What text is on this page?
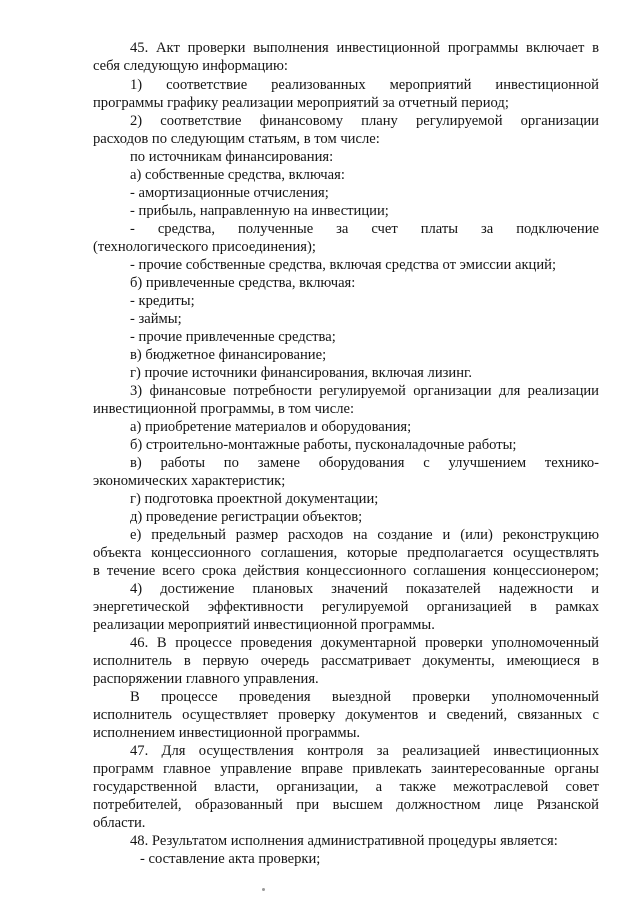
45. Акт проверки выполнения инвестиционной программы включает в

себя следующую информацию:

1) соответствие реализованных мероприятий инвестиционной

программы графику реализации мероприятий за отчетный период;

2) соответствие финансовому плану регулируемой организации

расходов по следующим статьям, в том числе:

по источникам финансирования:

а) собственные средства, включая:

- амортизационные отчисления;

- прибыль, направленную на инвестиции;

- средства, полученные за счет платы за подключение

(технологического присоединения);

- прочие собственные средства, включая средства от эмиссии акций;

б) привлеченные средства, включая:

- кредиты;

- займы;

- прочие привлеченные средства;

в) бюджетное финансирование;

г) прочие источники финансирования, включая лизинг.

3) финансовые потребности регулируемой организации для реализации

инвестиционной программы, в том числе:

а) приобретение материалов и оборудования;

б) строительно-монтажные работы, пусконаладочные работы;

в) работы по замене оборудования с улучшением технико-

экономических характеристик;

г) подготовка проектной документации;

д) проведение регистрации объектов;

е) предельный размер расходов на создание и (или) реконструкцию

объекта концессионного соглашения, которые предполагается осуществлять

в течение всего срока действия концессионного соглашения концессионером;

4) достижение плановых значений показателей надежности и

энергетической эффективности регулируемой организацией в рамках

реализации мероприятий инвестиционной программы.

46. В процессе проведения документарной проверки уполномоченный

исполнитель в первую очередь рассматривает документы, имеющиеся в

распоряжении главного управления.

В процессе проведения выездной проверки уполномоченный

исполнитель осуществляет проверку документов и сведений, связанных с

исполнением инвестиционной программы.

47. Для осуществления контроля за реализацией инвестиционных

программ главное управление вправе привлекать заинтересованные органы

государственной власти, организации, а также межотраслевой совет

потребителей, образованный при высшем должностном лице Рязанской

области.

48. Результатом исполнения административной процедуры является:

- составление акта проверки;
